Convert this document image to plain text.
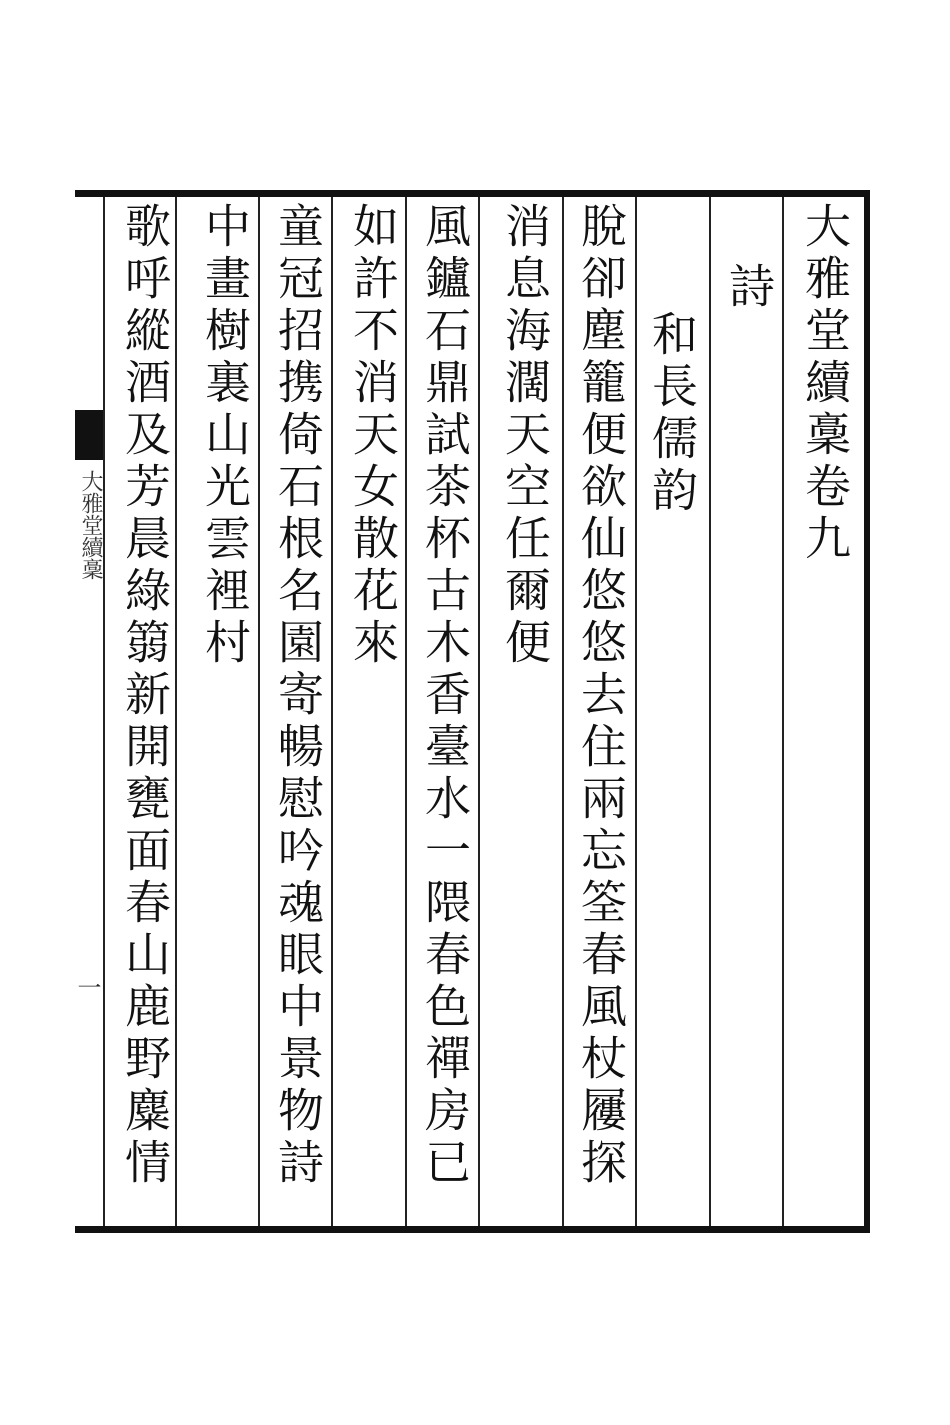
大雅堂續稾卷九
詩
和長儒韵
脫卻塵籠便欲仙悠悠去住兩忘筌春風杖屨探
消息海濶天空任爾便
風鑪石鼎試茶杯古木香臺水一隈春色禪房已
如許不消天女散花來
童冠招携倚石根名園寄暢慰吟魂眼中景物詩
中畫樹裏山光雲裡村
歌呼縱酒及芳晨綠篛新開甕面春山鹿野麋情
大雅堂續稾
一
